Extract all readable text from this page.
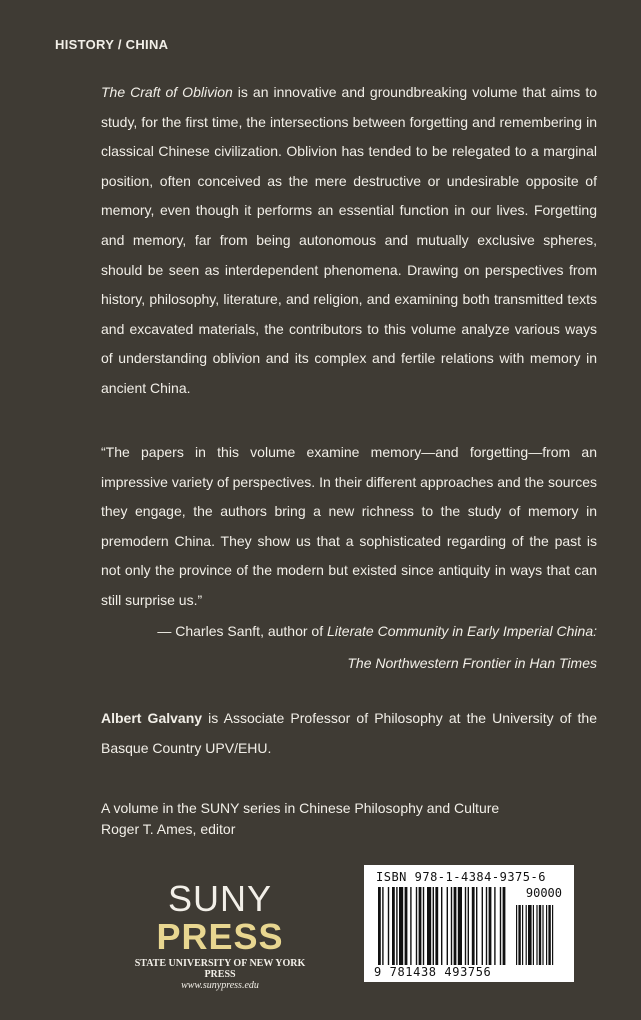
HISTORY / CHINA

The Craft of Oblivion is an innovative and groundbreaking volume that aims to study, for the first time, the intersections between forgetting and remembering in classical Chinese civilization. Oblivion has tended to be relegated to a marginal position, often conceived as the mere destructive or undesirable opposite of memory, even though it performs an essential function in our lives. Forgetting and memory, far from being autonomous and mutually exclusive spheres, should be seen as interdependent phenomena. Drawing on perspectives from history, philosophy, literature, and religion, and examining both transmitted texts and excavated materials, the contributors to this volume analyze various ways of understanding oblivion and its complex and fertile relations with memory in ancient China.

“The papers in this volume examine memory—and forgetting—from an impressive variety of perspectives. In their different approaches and the sources they engage, the authors bring a new richness to the study of memory in premodern China. They show us that a sophisticated regarding of the past is not only the province of the modern but existed since antiquity in ways that can still surprise us.”

— Charles Sanft, author of Literate Community in Early Imperial China:
The Northwestern Frontier in Han Times

Albert Galvany is Associate Professor of Philosophy at the University of the Basque Country UPV/EHU.

A volume in the SUNY series in Chinese Philosophy and Culture
Roger T. Ames, editor
SUNY
PRESS
STATE UNIVERSITY OF NEW YORK PRESS
www.sunypress.edu
ISBN 978-1-4384-9375-6
90000
9 781438 493756
